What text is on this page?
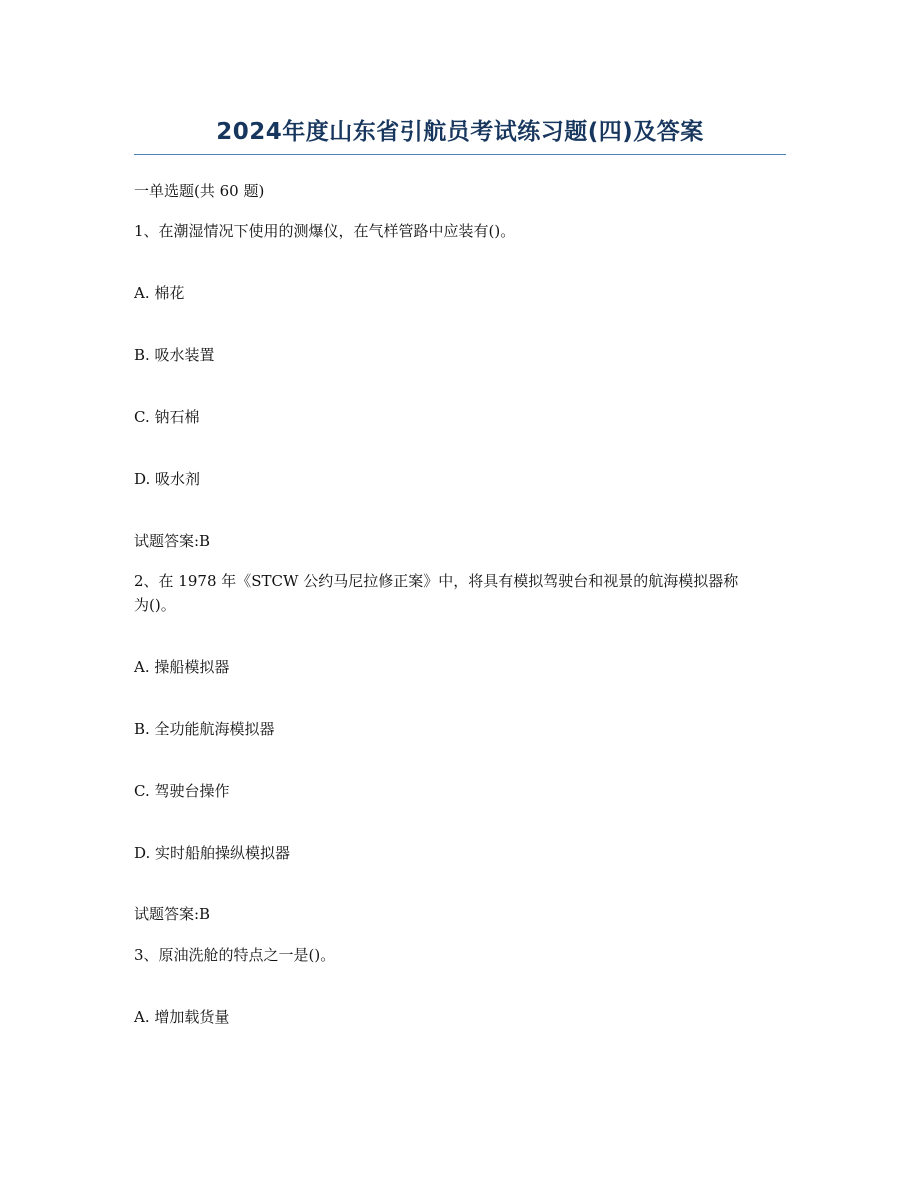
2024年度山东省引航员考试练习题(四)及答案
一单选题(共 60 题)
1、在潮湿情况下使用的测爆仪，在气样管路中应装有()。
A. 棉花
B. 吸水装置
C. 钠石棉
D. 吸水剂
试题答案:B
2、在 1978 年《STCW 公约马尼拉修正案》中，将具有模拟驾驶台和视景的航海模拟器称
为()。
A. 操船模拟器
B. 全功能航海模拟器
C. 驾驶台操作
D. 实时船舶操纵模拟器
试题答案:B
3、原油洗舱的特点之一是()。
A. 增加载货量
